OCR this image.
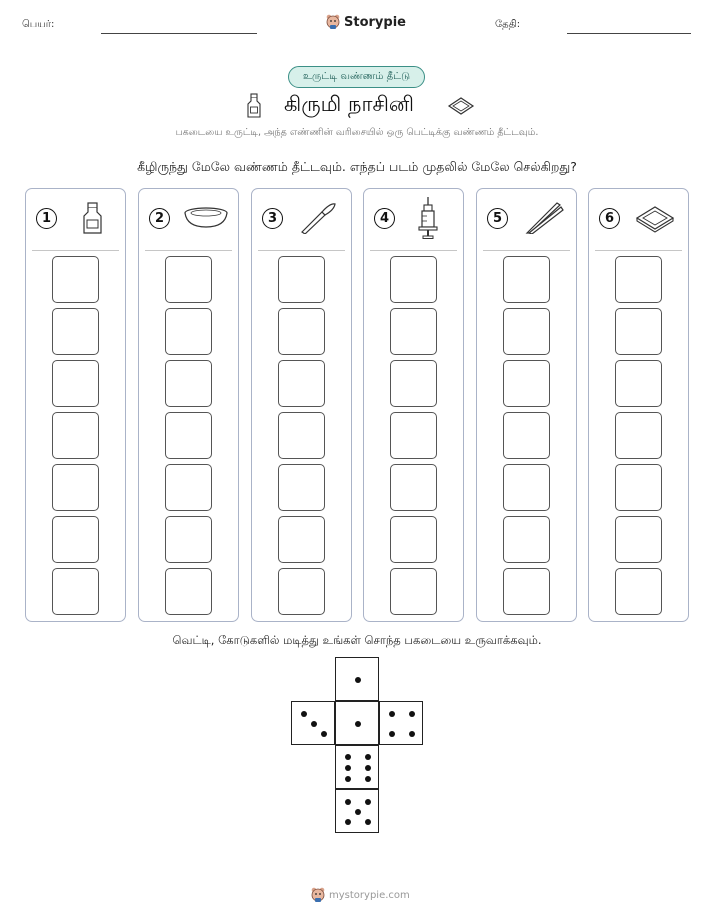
பெயர்:	Storypie	தேதி:
உருட்டி வண்ணம் தீட்டு
கிருமி நாசினி
பகடையை உருட்டி, அந்த எண்ணின் வரிசையில் ஒரு பெட்டிக்கு வண்ணம் தீட்டவும்.
கீழிருந்து மேலே வண்ணம் தீட்டவும். எந்தப் படம் முதலில் மேலே செல்கிறது?
1	2	3	4	5	6
வெட்டி, கோடுகளில் மடித்து உங்கள் சொந்த பகடையை உருவாக்கவும்.
mystorypie.com
